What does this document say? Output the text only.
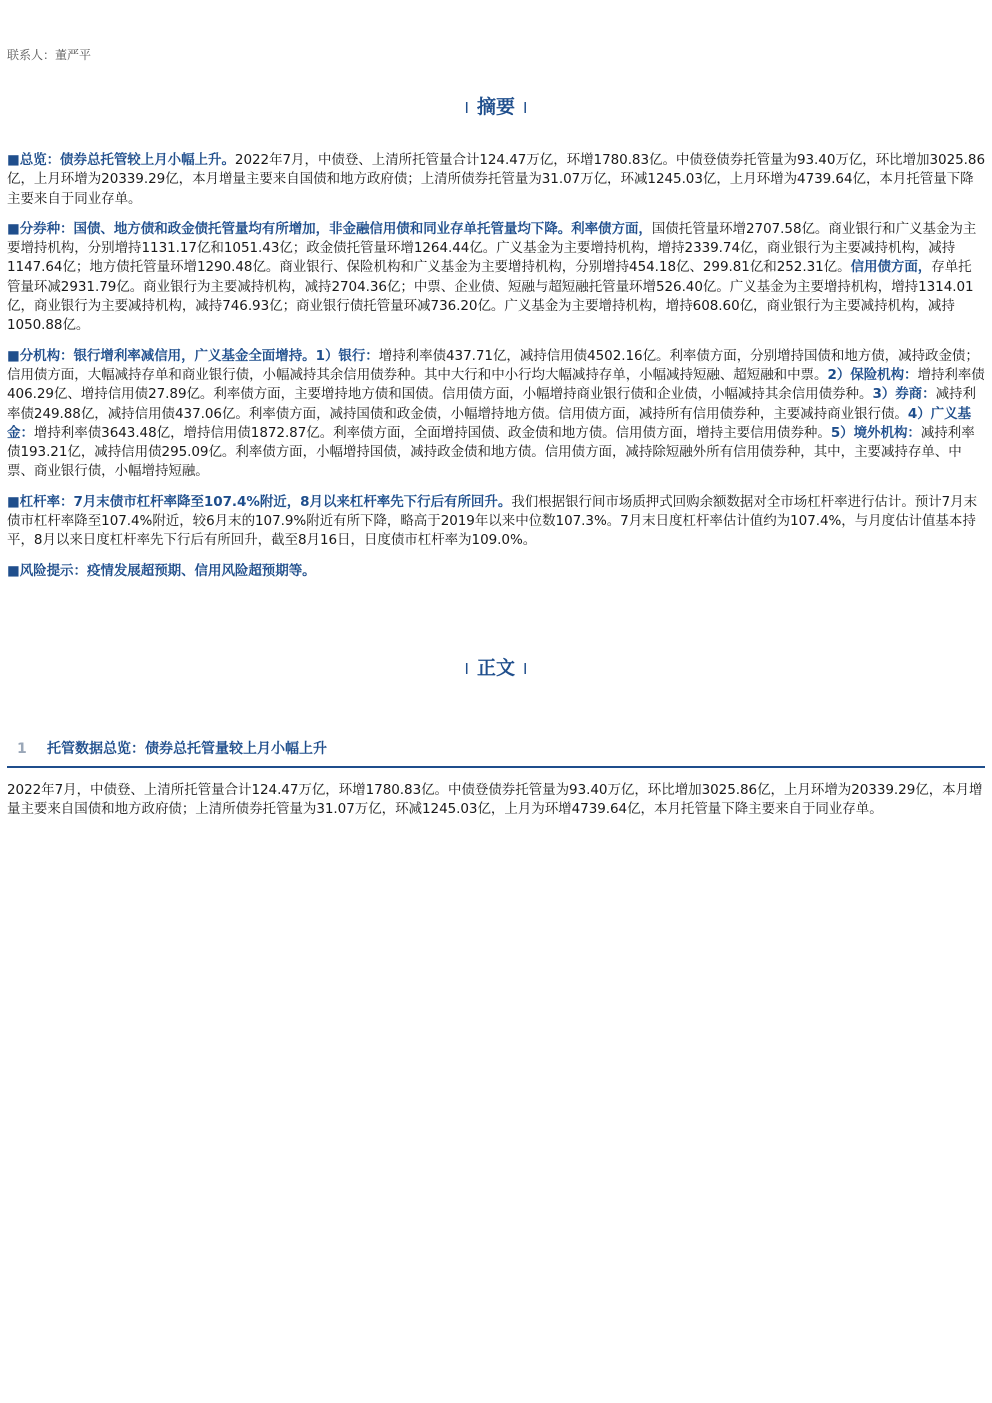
联系人：董严平
I 摘要 I

■总览：债券总托管较上月小幅上升。2022年7月，中债登、上清所托管量合计124.47万亿，环增1780.83亿。中债登债券托管量为93.40万亿，环比增加3025.86亿，上月环增为20339.29亿，本月增量主要来自国债和地方政府债；上清所债券托管量为31.07万亿，环减1245.03亿，上月环增为4739.64亿，本月托管量下降主要来自于同业存单。

■分券种：国债、地方债和政金债托管量均有所增加，非金融信用债和同业存单托管量均下降。利率债方面，国债托管量环增2707.58亿。商业银行和广义基金为主要增持机构，分别增持1131.17亿和1051.43亿；政金债托管量环增1264.44亿。广义基金为主要增持机构，增持2339.74亿，商业银行为主要减持机构，减持1147.64亿；地方债托管量环增1290.48亿。商业银行、保险机构和广义基金为主要增持机构，分别增持454.18亿、299.81亿和252.31亿。信用债方面，存单托管量环减2931.79亿。商业银行为主要减持机构，减持2704.36亿；中票、企业债、短融与超短融托管量环增526.40亿。广义基金为主要增持机构，增持1314.01亿，商业银行为主要减持机构，减持746.93亿；商业银行债托管量环减736.20亿。广义基金为主要增持机构，增持608.60亿，商业银行为主要减持机构，减持1050.88亿。

■分机构：银行增利率减信用，广义基金全面增持。1）银行：增持利率债437.71亿，减持信用债4502.16亿。利率债方面，分别增持国债和地方债，减持政金债；信用债方面，大幅减持存单和商业银行债，小幅减持其余信用债券种。其中大行和中小行均大幅减持存单，小幅减持短融、超短融和中票。2）保险机构：增持利率债406.29亿、增持信用债27.89亿。利率债方面，主要增持地方债和国债。信用债方面，小幅增持商业银行债和企业债，小幅减持其余信用债券种。3）券商：减持利率债249.88亿，减持信用债437.06亿。利率债方面，减持国债和政金债，小幅增持地方债。信用债方面，减持所有信用债券种，主要减持商业银行债。4）广义基金：增持利率债3643.48亿，增持信用债1872.87亿。利率债方面，全面增持国债、政金债和地方债。信用债方面，增持主要信用债券种。5）境外机构：减持利率债193.21亿，减持信用债295.09亿。利率债方面，小幅增持国债，减持政金债和地方债。信用债方面，减持除短融外所有信用债券种，其中，主要减持存单、中票、商业银行债，小幅增持短融。

■杠杆率：7月末债市杠杆率降至107.4%附近，8月以来杠杆率先下行后有所回升。我们根据银行间市场质押式回购余额数据对全市场杠杆率进行估计。预计7月末债市杠杆率降至107.4%附近，较6月末的107.9%附近有所下降，略高于2019年以来中位数107.3%。7月末日度杠杆率估计值约为107.4%，与月度估计值基本持平，8月以来日度杠杆率先下行后有所回升，截至8月16日，日度债市杠杆率为109.0%。

■风险提示：疫情发展超预期、信用风险超预期等。

I 正文 I
1 托管数据总览：债券总托管量较上月小幅上升

2022年7月，中债登、上清所托管量合计124.47万亿，环增1780.83亿。中债登债券托管量为93.40万亿，环比增加3025.86亿，上月环增为20339.29亿，本月增量主要来自国债和地方政府债；上清所债券托管量为31.07万亿，环减1245.03亿，上月为环增4739.64亿，本月托管量下降主要来自于同业存单。
